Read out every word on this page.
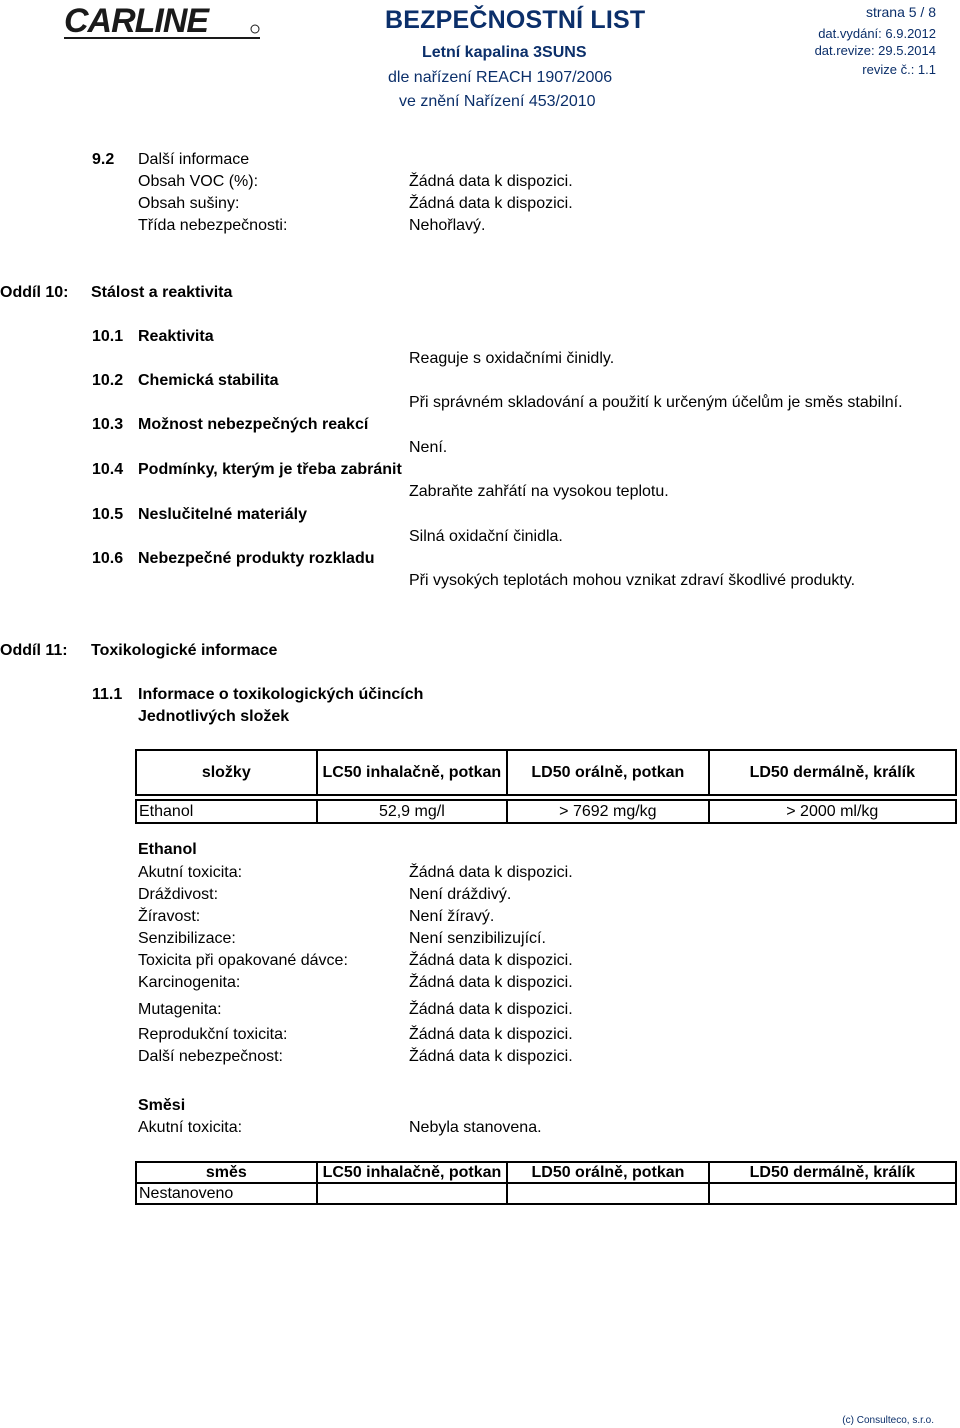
CARLINE	BEZPEČNOSTNÍ LIST
Letní kapalina 3SUNS
dle nařízení REACH 1907/2006
ve znění Nařízení 453/2010
strana 5 / 8
dat.vydání: 6.9.2012
dat.revize: 29.5.2014
revize č.: 1.1
9.2 Další informace
Obsah VOC (%):	Žádná data k dispozici.
Obsah sušiny:	Žádná data k dispozici.
Třída nebezpečnosti:	Nehořlavý.
Oddíl 10: Stálost a reaktivita
10.1 Reaktivita
Reaguje s oxidačními činidly.
10.2 Chemická stabilita
Při správném skladování a použití k určeným účelům je směs stabilní.
10.3 Možnost nebezpečných reakcí
Není.
10.4 Podmínky, kterým je třeba zabránit
Zabraňte zahřátí na vysokou teplotu.
10.5 Neslučitelné materiály
Silná oxidační činidla.
10.6 Nebezpečné produkty rozkladu
Při vysokých teplotách mohou vznikat zdraví škodlivé produkty.
Oddíl 11: Toxikologické informace
11.1 Informace o toxikologických účincích
Jednotlivých složek
složky	LC50 inhalačně, potkan	LD50 orálně, potkan	LD50 dermálně, králík

Ethanol	52,9 mg/l	> 7692 mg/kg	> 2000 ml/kg
Ethanol
Akutní toxicita:	Žádná data k dispozici.
Dráždivost:	Není dráždivý.
Žíravost:	Není žíravý.
Senzibilizace:	Není senzibilizující.
Toxicita při opakované dávce:	Žádná data k dispozici.
Karcinogenita:	Žádná data k dispozici.
Mutagenita:	Žádná data k dispozici.
Reprodukční toxicita:	Žádná data k dispozici.
Další nebezpečnost:	Žádná data k dispozici.
Směsi
Akutní toxicita:	Nebyla stanovena.
směs	LC50 inhalačně, potkan	LD50 orálně, potkan	LD50 dermálně, králík
Nestanoveno			
(c) Consulteco, s.r.o.
